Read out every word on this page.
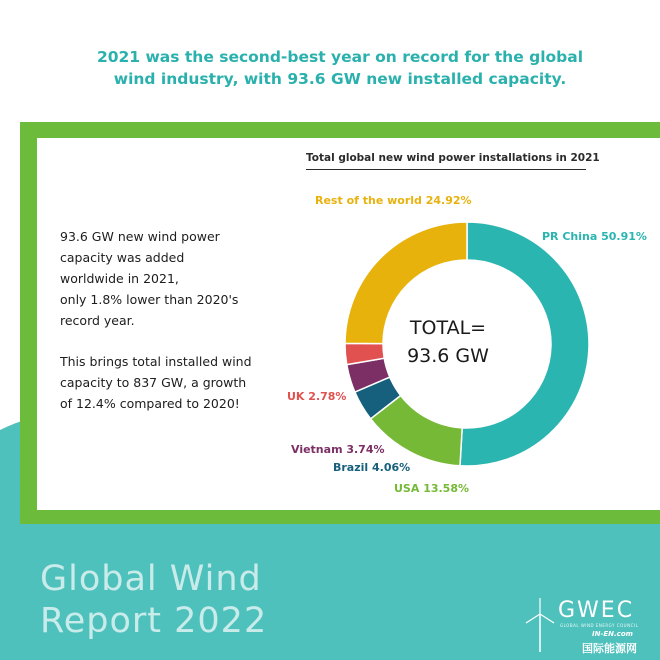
2021 was the second-best year on record for the global
wind industry, with 93.6 GW new installed capacity.

93.6 GW new wind power
capacity was added
worldwide in 2021,
only 1.8% lower than 2020's
record year.

This brings total installed wind
capacity to 837 GW, a growth
of 12.4% compared to 2020!

Total global new wind power installations in 2021
TOTAL=
93.6 GW
PR China 50.91%
USA 13.58%
Brazil 4.06%
Vietnam 3.74%
UK 2.78%
Rest of the world 24.92%
Global Wind
Report 2022	GWEC
GLOBAL WIND ENERGY COUNCIL
IN-EN.com
国际能源网
